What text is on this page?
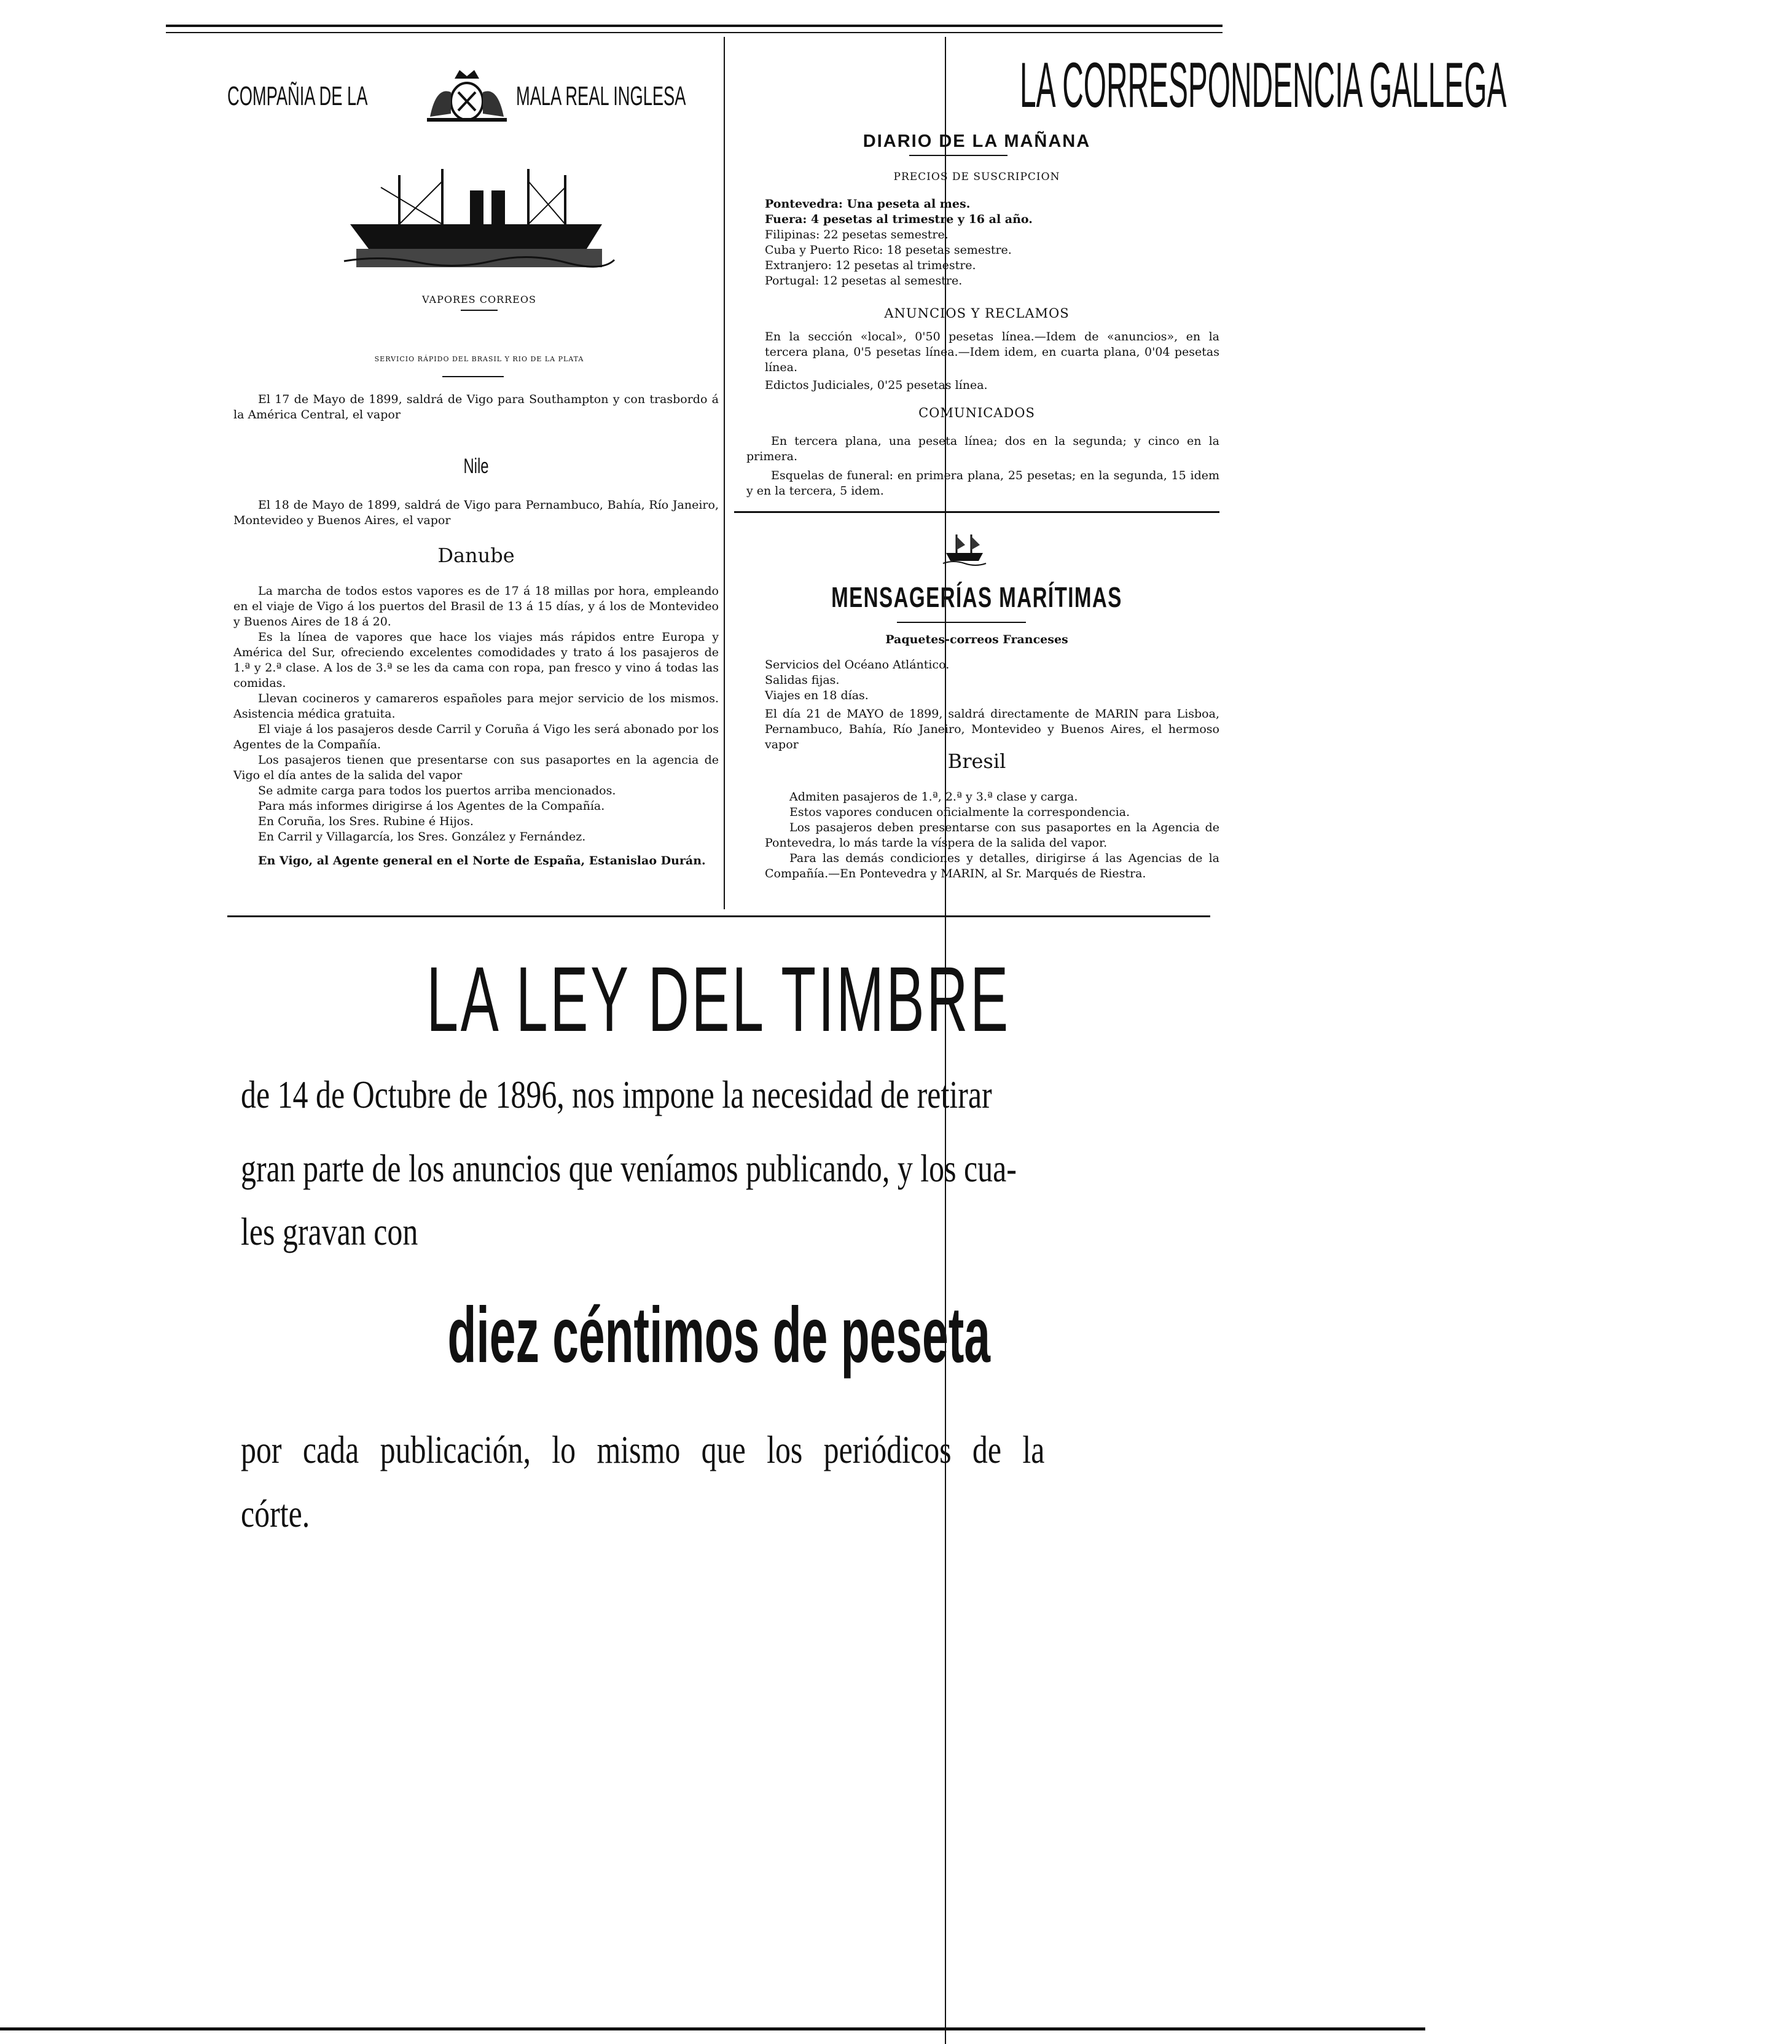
COMPAÑIA DE LA	MALA REAL INGLESA
VAPORES CORREOS
SERVICIO RÁPIDO DEL BRASIL Y RIO DE LA PLATA
El 17 de Mayo de 1899, saldrá de Vigo para Southampton y con trasbordo á la América Central, el vapor
Nile
El 18 de Mayo de 1899, saldrá de Vigo para Pernambuco, Bahía, Río Janeiro, Montevideo y Buenos Aires, el vapor
Danube

La marcha de todos estos vapores es de 17 á 18 millas por hora, empleando en el viaje de Vigo á los puertos del Brasil de 13 á 15 días, y á los de Montevideo y Buenos Aires de 18 á 20.

Es la línea de vapores que hace los viajes más rápidos entre Europa y América del Sur, ofreciendo excelentes comodidades y trato á los pasajeros de 1.ª y 2.ª clase. A los de 3.ª se les da cama con ropa, pan fresco y vino á todas las comidas.

Llevan cocineros y camareros españoles para mejor servicio de los mismos. Asistencia médica gratuita.

El viaje á los pasajeros desde Carril y Coruña á Vigo les será abonado por los Agentes de la Compañía.

Los pasajeros tienen que presentarse con sus pasaportes en la agencia de Vigo el día antes de la salida del vapor

Se admite carga para todos los puertos arriba mencionados.

Para más informes dirigirse á los Agentes de la Compañía.

En Coruña, los Sres. Rubine é Hijos.

En Carril y Villagarcía, los Sres. González y Fernández.

En Vigo, al Agente general en el Norte de España, Estanislao Durán.

LA CORRESPONDENCIA GALLEGA
DIARIO DE LA MAÑANA
PRECIOS DE SUSCRIPCION

Pontevedra: Una peseta al mes.

Fuera: 4 pesetas al trimestre y 16 al año.

Filipinas: 22 pesetas semestre.

Cuba y Puerto Rico: 18 pesetas semestre.

Extranjero: 12 pesetas al trimestre.

Portugal: 12 pesetas al semestre.

ANUNCIOS Y RECLAMOS

En la sección «local», 0'50 pesetas línea.—Idem de «anuncios», en la tercera plana, 0'5 pesetas línea.—Idem idem, en cuarta plana, 0'04 pesetas línea.

Edictos Judiciales, 0'25 pesetas línea.

COMUNICADOS

En tercera plana, una peseta línea; dos en la segunda; y cinco en la primera.

Esquelas de funeral: en primera plana, 25 pesetas; en la segunda, 15 idem y en la tercera, 5 idem.

MENSAGERÍAS MARÍTIMAS
Paquetes-correos Franceses

Servicios del Océano Atlántico.

Salidas fijas.

Viajes en 18 días.

El día 21 de MAYO de 1899, saldrá directamente de MARIN para Lisboa, Pernambuco, Bahía, Río Janeiro, Montevideo y Buenos Aires, el hermoso vapor
Bresil

Admiten pasajeros de 1.ª, 2.ª y 3.ª clase y carga.

Estos vapores conducen oficialmente la correspondencia.

Los pasajeros deben presentarse con sus pasaportes en la Agencia de Pontevedra, lo más tarde la víspera de la salida del vapor.

Para las demás condiciones y detalles, dirigirse á las Agencias de la Compañía.—En Pontevedra y MARIN, al Sr. Marqués de Riestra.

LA LEY DEL TIMBRE
de 14 de Octubre de 1896, nos impone la necesidad de retirar
gran parte de los anuncios que veníamos publicando, y los cua-
les gravan con
diez céntimos de peseta
por cada publicación, lo mismo que los periódicos de la
córte.
